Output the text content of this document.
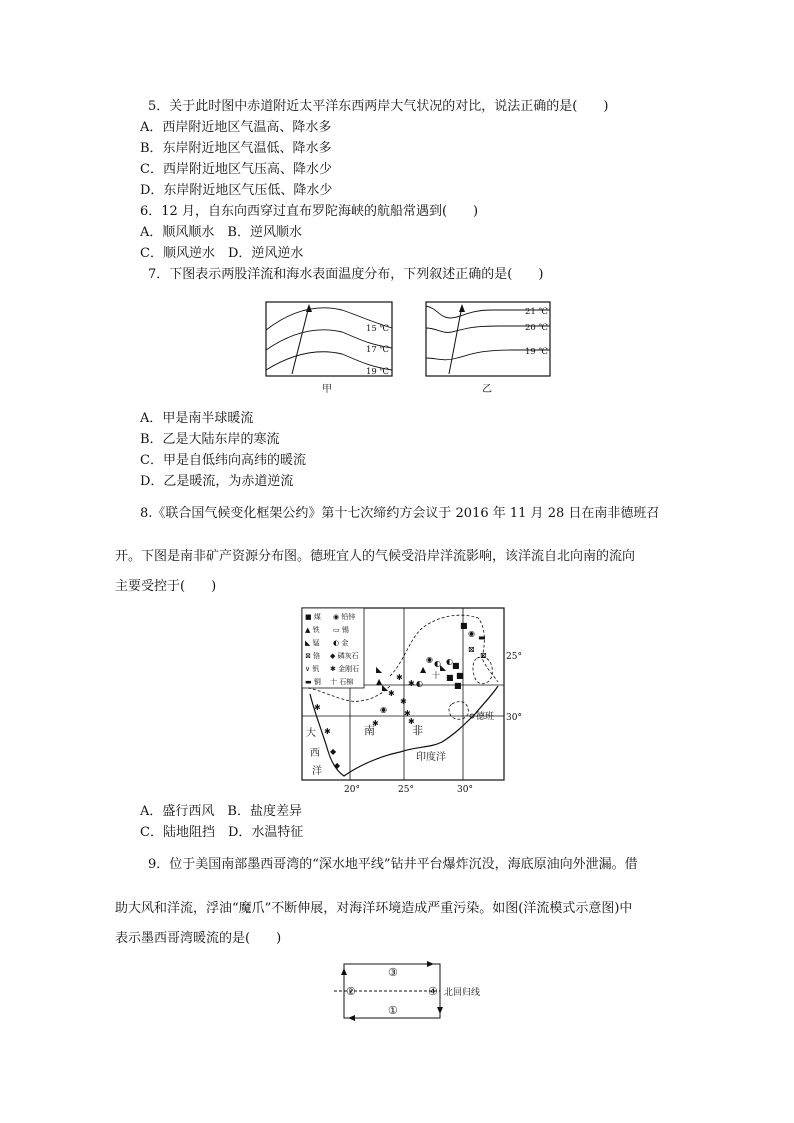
5．关于此时图中赤道附近太平洋东西两岸大气状况的对比，说法正确的是(　　)
A．西岸附近地区气温高、降水多
B．东岸附近地区气温低、降水多
C．西岸附近地区气压高、降水少
D．东岸附近地区气压低、降水少
6．12 月，自东向西穿过直布罗陀海峡的航船常遇到(　　)
A．顺风顺水　B．逆风顺水
C．顺风逆水　D．逆风逆水
7．下图表示两股洋流和海水表面温度分布，下列叙述正确的是(　　)
15 ℃
17 ℃
19 ℃
甲
21 ℃
20 ℃
19 ℃
乙
A．甲是南半球暖流
B．乙是大陆东岸的寒流
C．甲是自低纬向高纬的暖流
D．乙是暖流，为赤道逆流
8.《联合国气候变化框架公约》第十七次缔约方会议于 2016 年 11 月 28 日在南非德班召
开。下图是南非矿产资源分布图。德班宜人的气候受沿岸洋流影响，该洋流自北向南的流向
主要受控于(　　)
■ 煤 ◉ 铅锌
▲ 铁 ▭ 锡
◣ 锰 ◐ 金
⊠ 铬 ◆ 磷灰石
∨ 钒 ✱ 金刚石
▬ 铜 十 石棉
■
◉ ▬
⊠
⊠
◉ ◐ ◐ ■
◣
■
▲
十 ■
◐	■
◣
▲
◣
✱
✱
✱
✱
✱
◉
✱
✱
✱
✱
◆
◆
德班
25°
30°
20°	25°	30°
南	非
大
西
洋
印度洋
A．盛行西风　B．盐度差异
C．陆地阻挡　D．水温特征
9．位于美国南部墨西哥湾的“深水地平线”钻井平台爆炸沉没，海底原油向外泄漏。借
助大风和洋流，浮油“魔爪”不断伸展，对海洋环境造成严重污染。如图(洋流模式示意图)中
表示墨西哥湾暖流的是(　　)
③
②	④
①
北回归线
